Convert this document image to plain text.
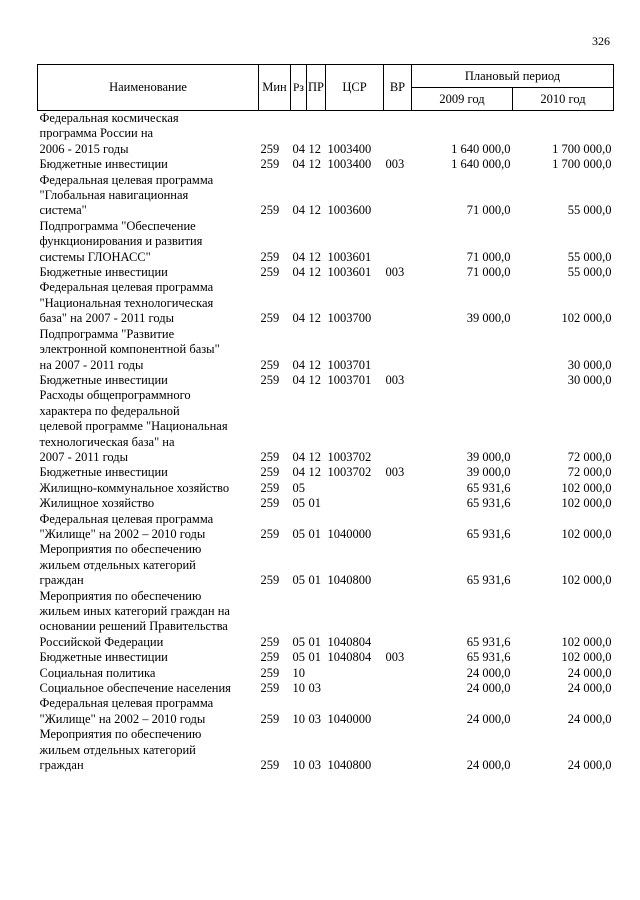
326
Наименование	Мин	Рз	ПР	ЦСР	ВР	Плановый период	
						2009 год	2010 год
Федеральная космическая
программа России на
2006 - 2015 годы	259	04	12	1003400		1 640 000,0	1 700 000,0
Бюджетные инвестиции	259	04	12	1003400	003	1 640 000,0	1 700 000,0
Федеральная целевая программа
"Глобальная навигационная
система"	259	04	12	1003600		71 000,0	55 000,0
Подпрограмма "Обеспечение
функционирования и развития
системы ГЛОНАСС"	259	04	12	1003601		71 000,0	55 000,0
Бюджетные инвестиции	259	04	12	1003601	003	71 000,0	55 000,0
Федеральная целевая программа
"Национальная технологическая
база" на 2007 - 2011 годы	259	04	12	1003700		39 000,0	102 000,0
Подпрограмма "Развитие
электронной компонентной базы"
на 2007 - 2011 годы	259	04	12	1003701			30 000,0
Бюджетные инвестиции	259	04	12	1003701	003		30 000,0
Расходы общепрограммного
характера по федеральной
целевой программе "Национальная
технологическая база" на
2007 - 2011 годы	259	04	12	1003702		39 000,0	72 000,0
Бюджетные инвестиции	259	04	12	1003702	003	39 000,0	72 000,0
Жилищно-коммунальное хозяйство	259	05				65 931,6	102 000,0
Жилищное хозяйство	259	05	01			65 931,6	102 000,0
Федеральная целевая программа
"Жилище" на 2002 – 2010 годы	259	05	01	1040000		65 931,6	102 000,0
Мероприятия по обеспечению
жильем отдельных категорий
граждан	259	05	01	1040800		65 931,6	102 000,0
Мероприятия по обеспечению
жильем иных категорий граждан на
основании решений Правительства
Российской Федерации	259	05	01	1040804		65 931,6	102 000,0
Бюджетные инвестиции	259	05	01	1040804	003	65 931,6	102 000,0
Социальная политика	259	10				24 000,0	24 000,0
Социальное обеспечение населения	259	10	03			24 000,0	24 000,0
Федеральная целевая программа
"Жилище" на 2002 – 2010 годы	259	10	03	1040000		24 000,0	24 000,0
Мероприятия по обеспечению
жильем отдельных категорий
граждан	259	10	03	1040800		24 000,0	24 000,0
